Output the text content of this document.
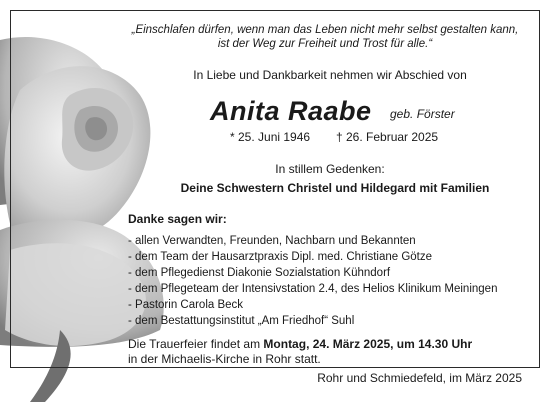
„Einschlafen dürfen, wenn man das Leben nicht mehr selbst gestalten kann,
ist der Weg zur Freiheit und Trost für alle.“
In Liebe und Dankbarkeit nehmen wir Abschied von
Anita Raabe geb. Förster
* 25. Juni 1946 † 26. Februar 2025
In stillem Gedenken:
Deine Schwestern Christel und Hildegard mit Familien
Danke sagen wir:
- allen Verwandten, Freunden, Nachbarn und Bekannten
- dem Team der Hausarztpraxis Dipl. med. Christiane Götze
- dem Pflegedienst Diakonie Sozialstation Kühndorf
- dem Pflegeteam der Intensivstation 2.4, des Helios Klinikum Meiningen
- Pastorin Carola Beck
- dem Bestattungsinstitut „Am Friedhof“ Suhl
Die Trauerfeier findet am Montag, 24. März 2025, um 14.30 Uhr
in der Michaelis-Kirche in Rohr statt.
Rohr und Schmiedefeld, im März 2025
